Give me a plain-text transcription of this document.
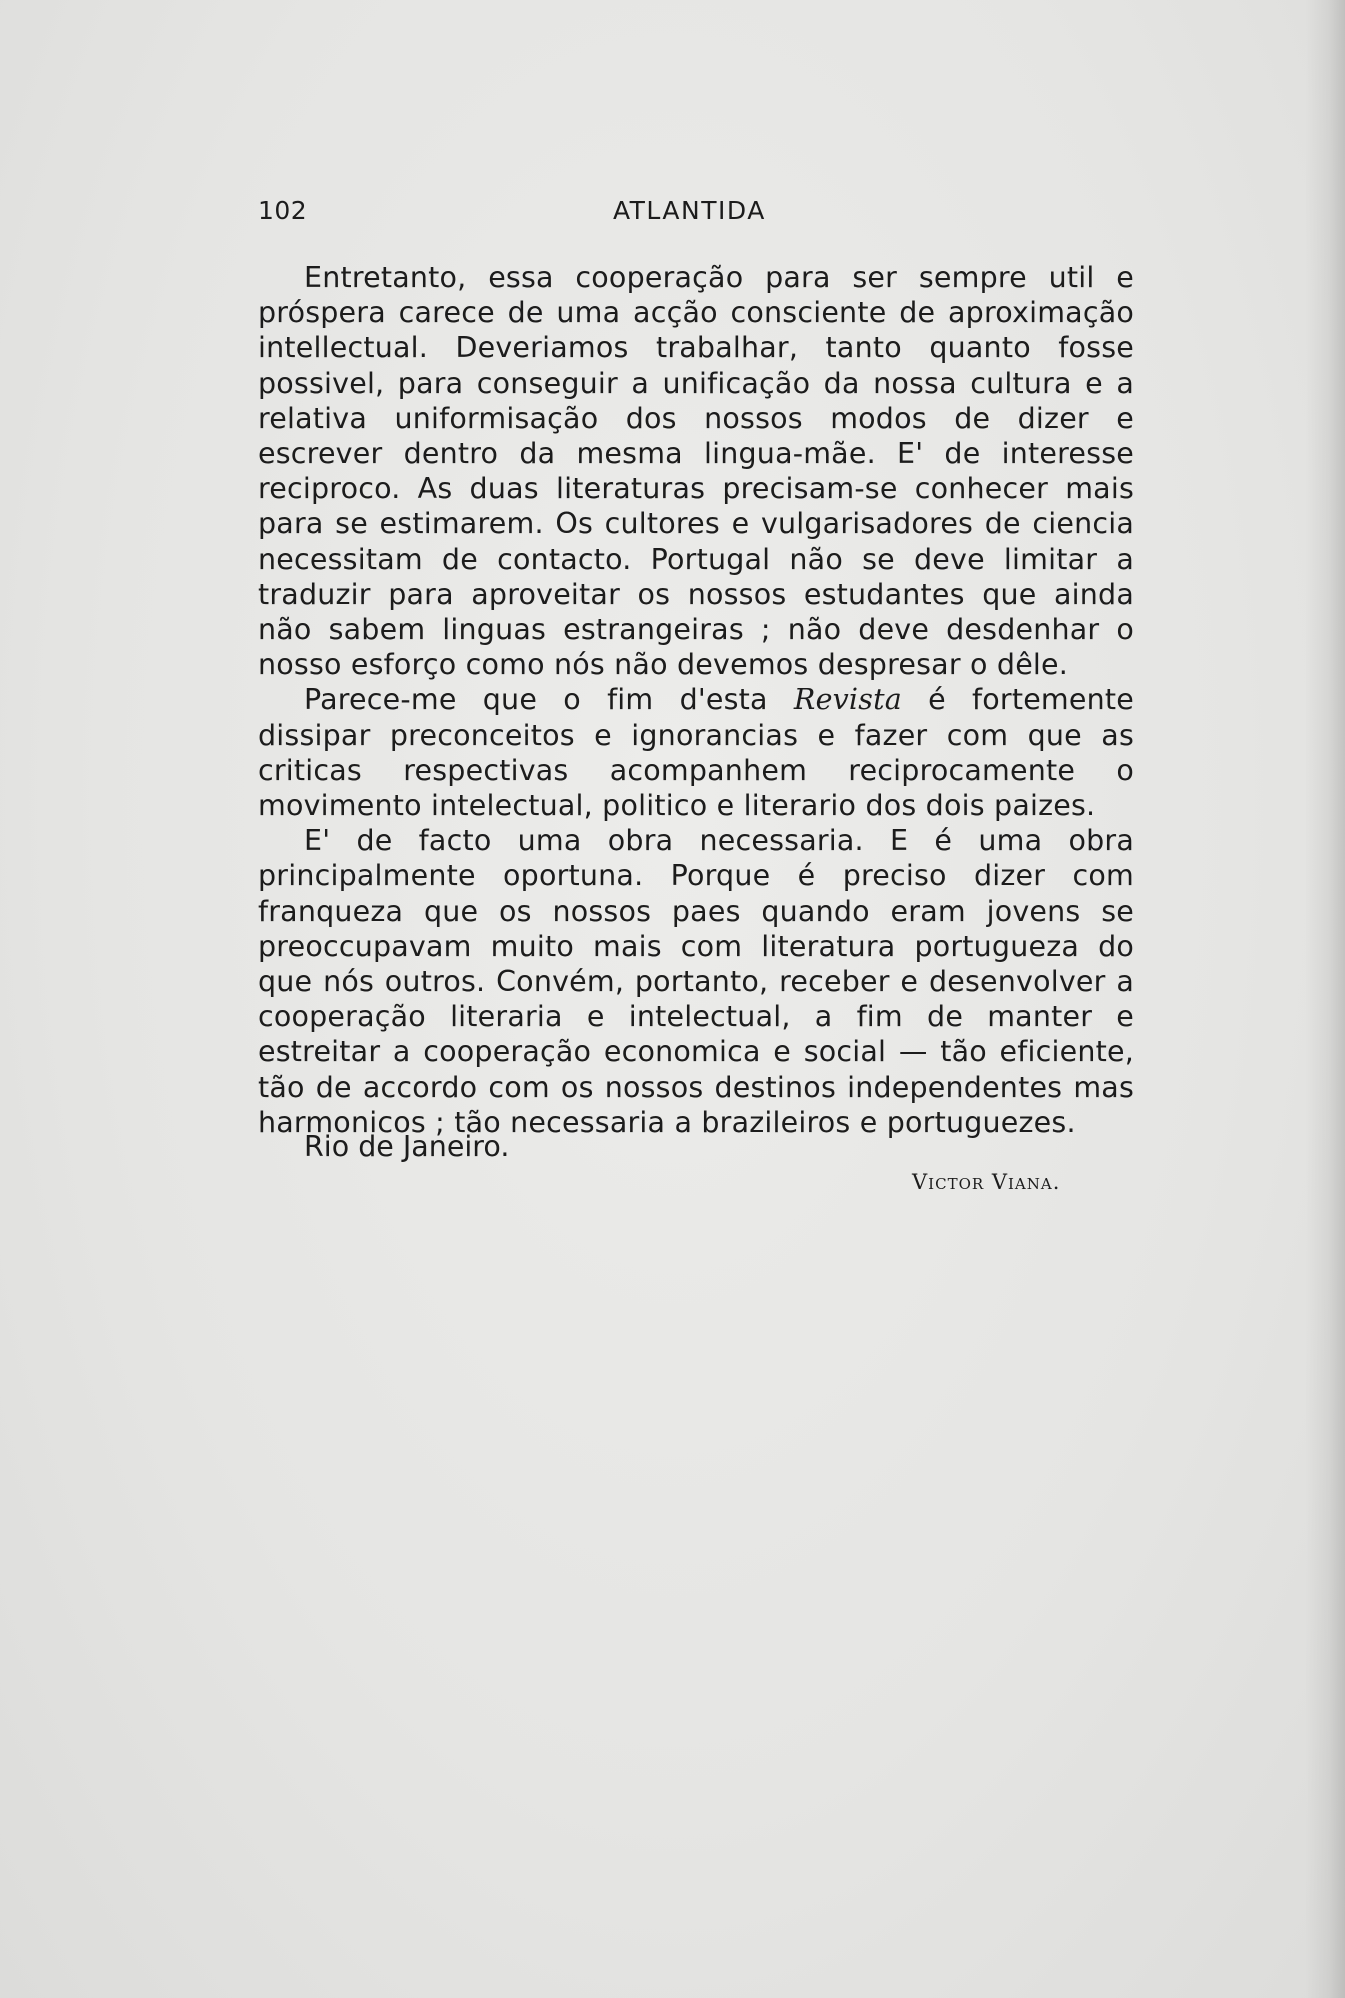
102	ATLANTIDA

Entretanto, essa cooperação para ser sempre util e próspera carece de uma acção consciente de aproximação intellectual. Deveriamos trabalhar, tanto quanto fosse possivel, para conseguir a unificação da nossa cultura e a relativa uniformisação dos nossos modos de dizer e escrever dentro da mesma lingua-mãe. E' de interesse reciproco. As duas literaturas precisam-se conhecer mais para se estimarem. Os cultores e vulgarisadores de ciencia necessitam de contacto. Portugal não se deve limitar a traduzir para aproveitar os nossos estudantes que ainda não sabem linguas estrangeiras ; não deve desdenhar o nosso esforço como nós não devemos despresar o dêle.

Parece-me que o fim d'esta Revista é fortemente dissipar preconceitos e ignorancias e fazer com que as criticas respectivas acompanhem reciprocamente o movimento intelectual, politico e literario dos dois paizes.

E' de facto uma obra necessaria. E é uma obra principalmente oportuna. Porque é preciso dizer com franqueza que os nossos paes quando eram jovens se preoccupavam muito mais com literatura portugueza do que nós outros. Convém, portanto, receber e desenvolver a cooperação literaria e intelectual, a fim de manter e estreitar a cooperação economica e social — tão eficiente, tão de accordo com os nossos destinos independentes mas harmonicos ; tão necessaria a brazileiros e portuguezes.

Rio de Janeiro.
Victor Viana.
